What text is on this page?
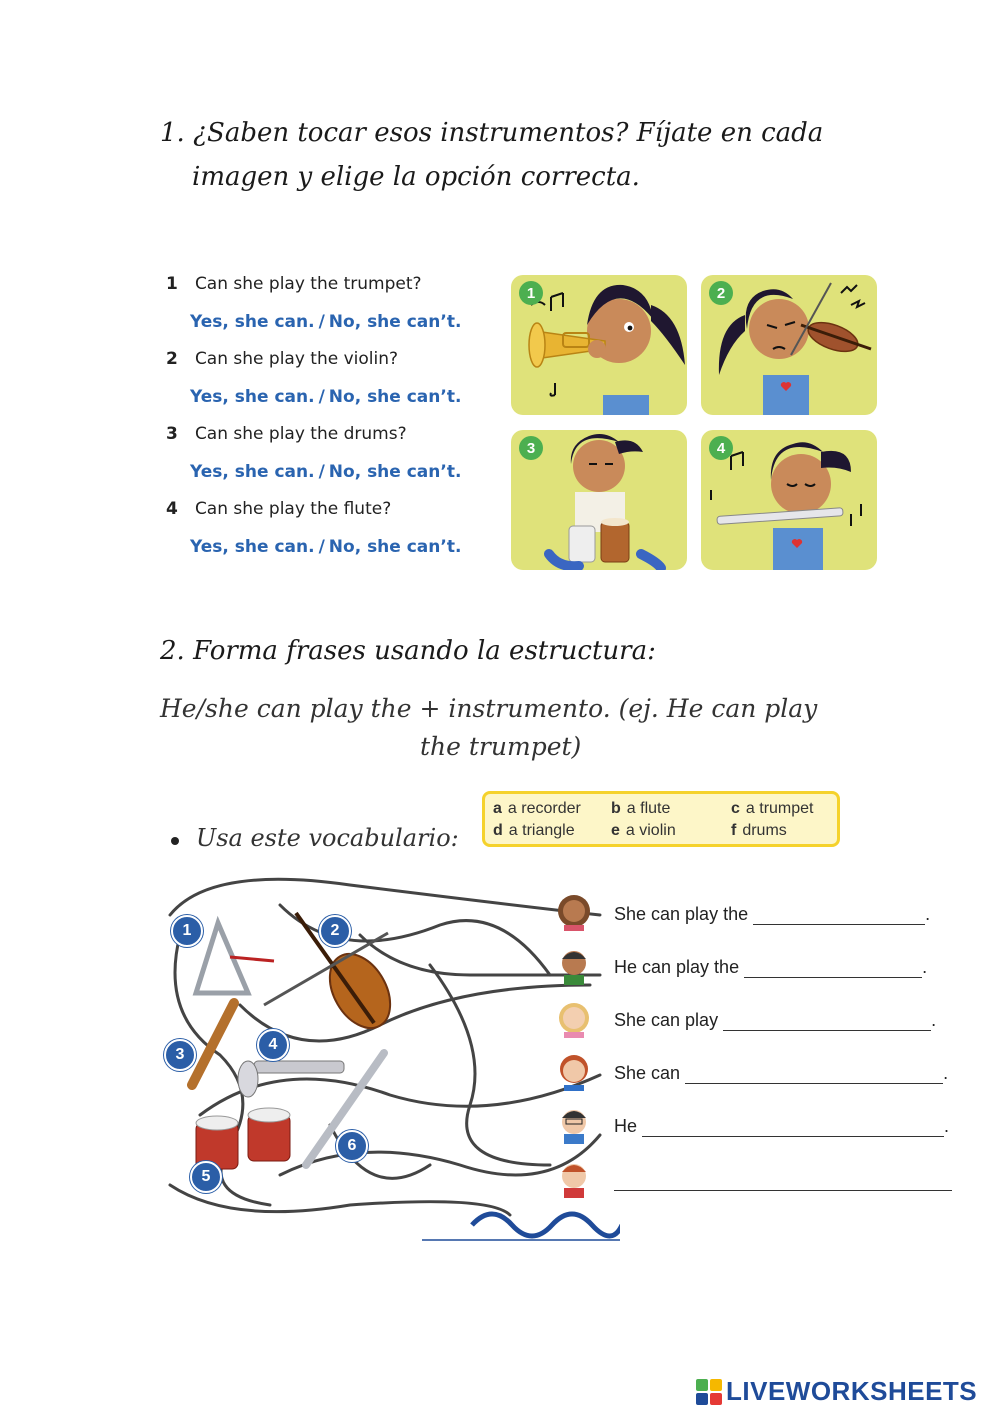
1. ¿Saben tocar esos instrumentos? Fíjate en cada
imagen y elige la opción correcta.
1 Can she play the trumpet?
Yes, she can. / No, she can’t.
2 Can she play the violin?
Yes, she can. / No, she can’t.
3 Can she play the drums?
Yes, she can. / No, she can’t.
4 Can she play the flute?
Yes, she can. / No, she can’t.
1	2
3	4
2. Forma frases usando la estructura:
He/she can play the + instrumento. (ej. He can play
the trumpet)
Usa este vocabulario:
a a recorder b a flute	c a trumpet
d a triangle e a violin	f drums
1	2
3
4
5
6
She can play the	.
He can play the	.
She can play	.
She can	.
He	.
LIVEWORKSHEETS
